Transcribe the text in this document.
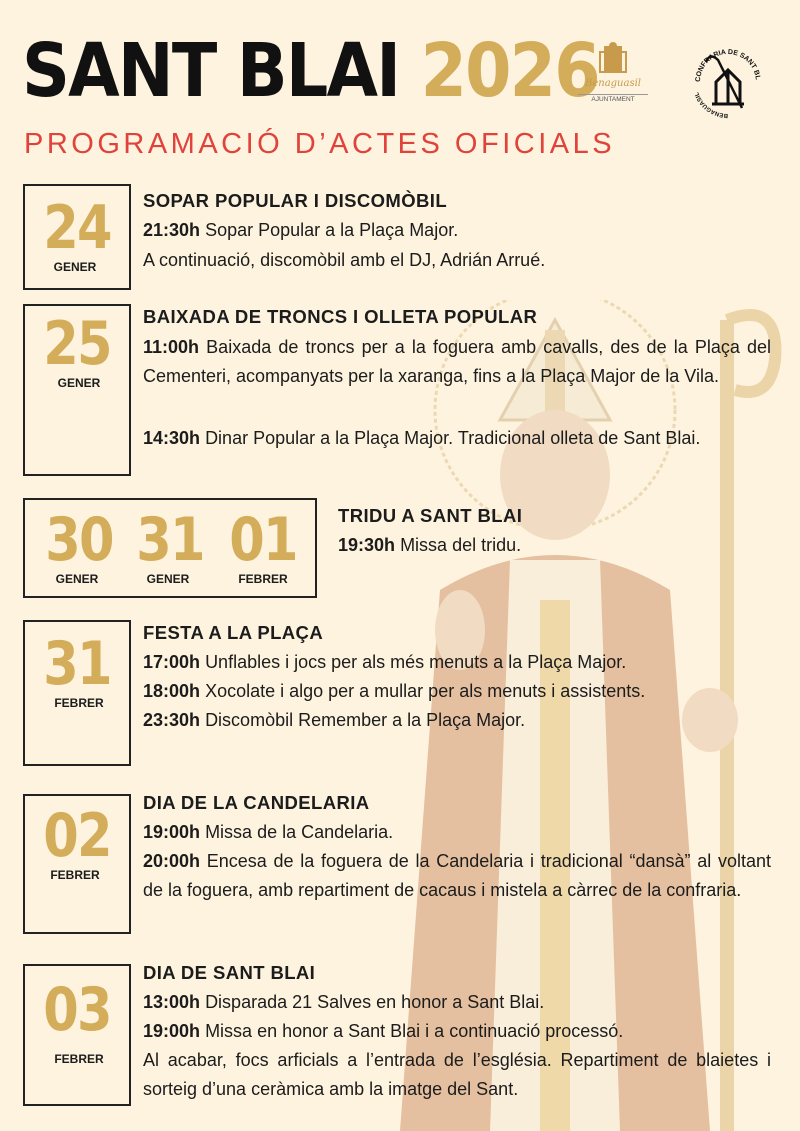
SANT BLAI 2026
PROGRAMACIÓ D’ACTES OFICIALS
Benaguasil
AJUNTAMENT
CONFRARIA DE SANT BL
BENAGUASIL
24
GENER
SOPAR POPULAR I DISCOMÒBIL
21:30h Sopar Popular a la Plaça Major.
A continuació, discomòbil amb el DJ, Adrián Arrué.
25
GENER
BAIXADA DE TRONCS I OLLETA POPULAR
11:00h Baixada de troncs per a la foguera amb cavalls, des de la Plaça del Cementeri, acompanyats per la xaranga, fins a la Plaça Major de la Vila.
14:30h Dinar Popular a la Plaça Major. Tradicional olleta de Sant Blai.
30
GENER
31
GENER
01
FEBRER
TRIDU A SANT BLAI
19:30h Missa del tridu.
31
FEBRER
FESTA A LA PLAÇA
17:00h Unflables i jocs per als més menuts a la Plaça Major.
18:00h Xocolate i algo per a mullar per als menuts i assistents.
23:30h Discomòbil Remember a la Plaça Major.
02
FEBRER
DIA DE LA CANDELARIA
19:00h Missa de la Candelaria.
20:00h Encesa de la foguera de la Candelaria i tradicional “dansà” al voltant de la foguera, amb repartiment de cacaus i mistela a càrrec de la confraria.
03
FEBRER
DIA DE SANT BLAI
13:00h Disparada 21 Salves en honor a Sant Blai.
19:00h Missa en honor a Sant Blai i a continuació processó.
Al acabar, focs arficials a l’entrada de l’església. Repartiment de blaietes i sorteig d’una ceràmica amb la imatge del Sant.
